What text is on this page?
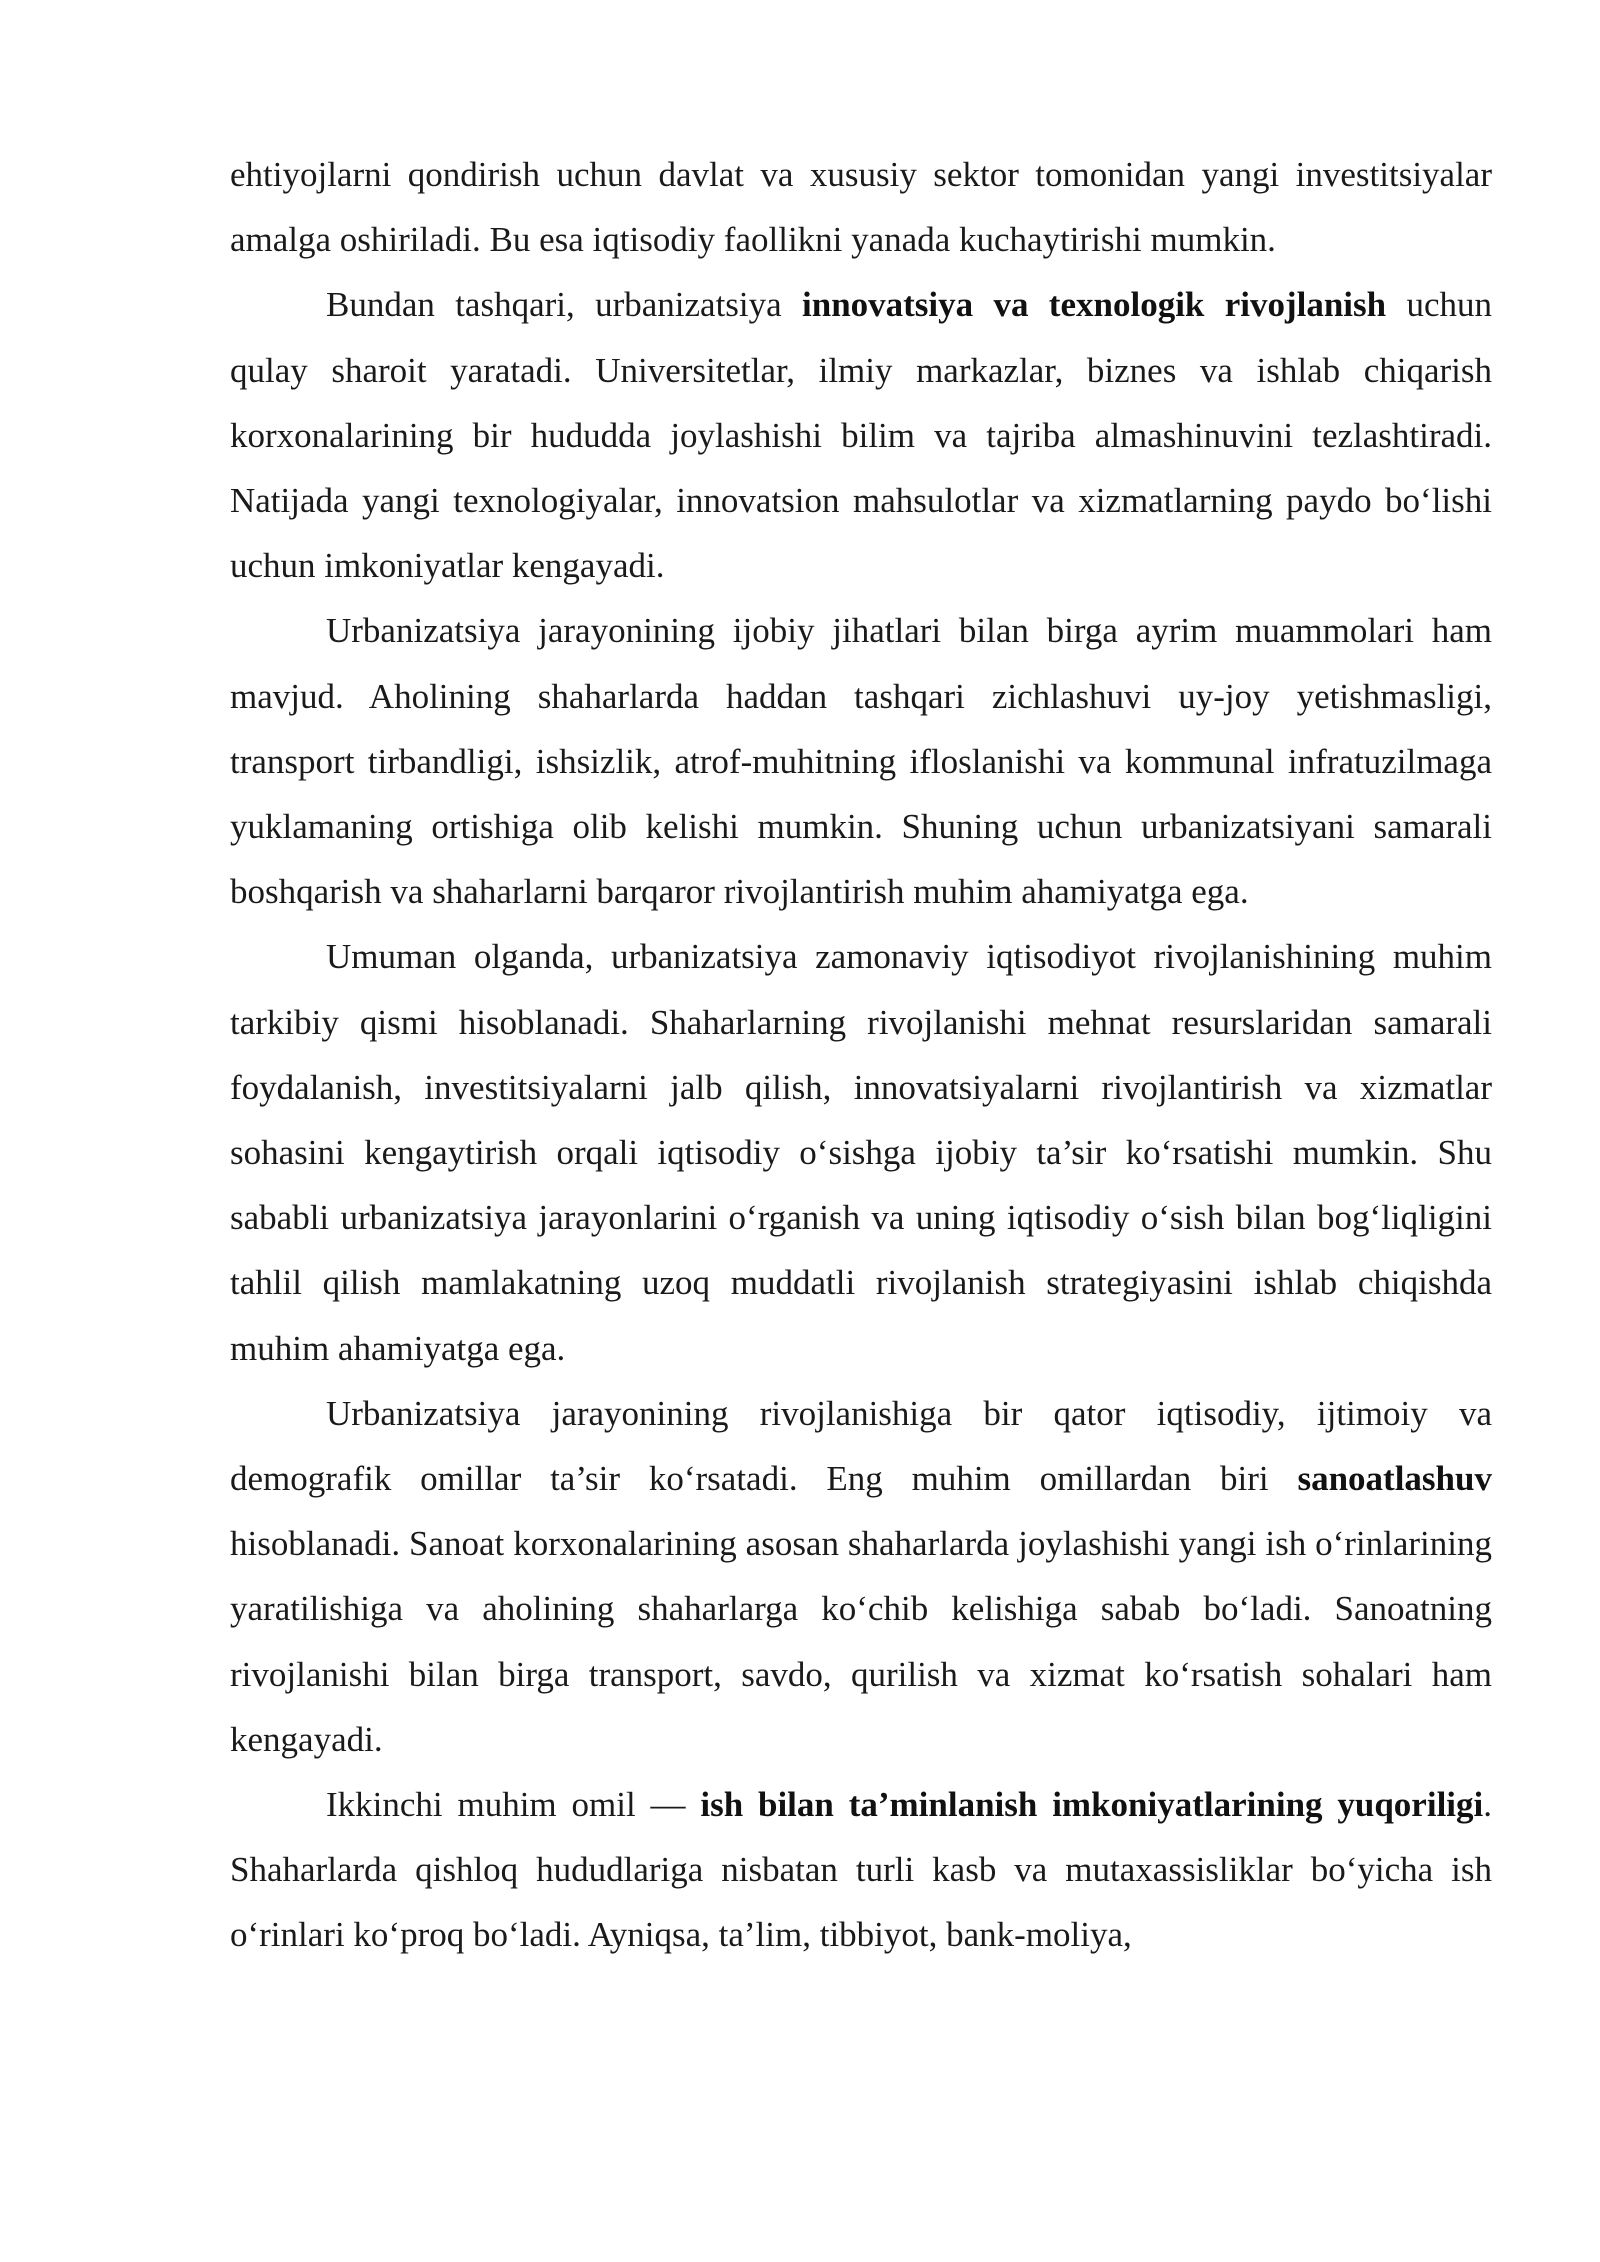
ehtiyojlarni qondirish uchun davlat va xususiy sektor tomonidan yangi investitsiyalar amalga oshiriladi. Bu esa iqtisodiy faollikni yanada kuchaytirishi mumkin.

Bundan tashqari, urbanizatsiya innovatsiya va texnologik rivojlanish uchun qulay sharoit yaratadi. Universitetlar, ilmiy markazlar, biznes va ishlab chiqarish korxonalarining bir hududda joylashishi bilim va tajriba almashinuvini tezlashtiradi. Natijada yangi texnologiyalar, innovatsion mahsulotlar va xizmatlarning paydo bo‘lishi uchun imkoniyatlar kengayadi.

Urbanizatsiya jarayonining ijobiy jihatlari bilan birga ayrim muammolari ham mavjud. Aholining shaharlarda haddan tashqari zichlashuvi uy-joy yetishmasligi, transport tirbandligi, ishsizlik, atrof-muhitning ifloslanishi va kommunal infratuzilmaga yuklamaning ortishiga olib kelishi mumkin. Shuning uchun urbanizatsiyani samarali boshqarish va shaharlarni barqaror rivojlantirish muhim ahamiyatga ega.

Umuman olganda, urbanizatsiya zamonaviy iqtisodiyot rivojlanishining muhim tarkibiy qismi hisoblanadi. Shaharlarning rivojlanishi mehnat resurslaridan samarali foydalanish, investitsiyalarni jalb qilish, innovatsiyalarni rivojlantirish va xizmatlar sohasini kengaytirish orqali iqtisodiy o‘sishga ijobiy ta’sir ko‘rsatishi mumkin. Shu sababli urbanizatsiya jarayonlarini o‘rganish va uning iqtisodiy o‘sish bilan bog‘liqligini tahlil qilish mamlakatning uzoq muddatli rivojlanish strategiyasini ishlab chiqishda muhim ahamiyatga ega.

Urbanizatsiya jarayonining rivojlanishiga bir qator iqtisodiy, ijtimoiy va demografik omillar ta’sir ko‘rsatadi. Eng muhim omillardan biri sanoatlashuv hisoblanadi. Sanoat korxonalarining asosan shaharlarda joylashishi yangi ish o‘rinlarining yaratilishiga va aholining shaharlarga ko‘chib kelishiga sabab bo‘ladi. Sanoatning rivojlanishi bilan birga transport, savdo, qurilish va xizmat ko‘rsatish sohalari ham kengayadi.

Ikkinchi muhim omil — ish bilan ta’minlanish imkoniyatlarining yuqoriligi. Shaharlarda qishloq hududlariga nisbatan turli kasb va mutaxassisliklar bo‘yicha ish o‘rinlari ko‘proq bo‘ladi. Ayniqsa, ta’lim, tibbiyot, bank-moliya,
